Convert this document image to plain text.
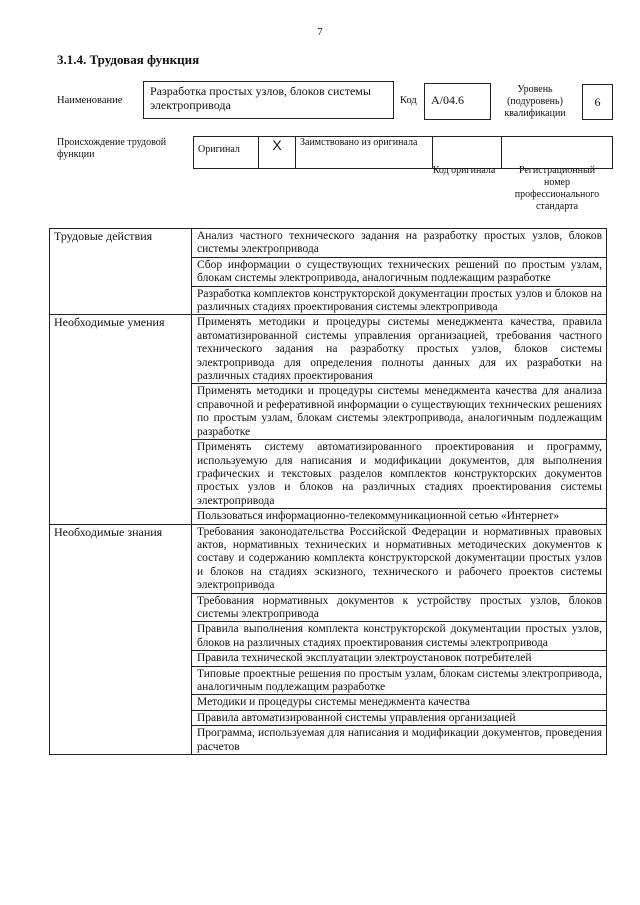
7
3.1.4. Трудовая функция
Наименование
Разработка простых узлов, блоков системы электропривода	Код	A/04.6
Уровень (подуровень) квалификации
6
Происхождение трудовой функции	Оригинал	X	Заимствовано из оригинала		
Код оригинала	Регистрационный номер профессионального стандарта
Трудовые действия	Анализ частного технического задания на разработку простых узлов, блоков системы электропривода
	Сбор информации о существующих технических решений по простым узлам, блокам системы электропривода, аналогичным подлежащим разработке
	Разработка комплектов конструкторской документации простых узлов и блоков на различных стадиях проектирования системы электропривода
Необходимые умения	Применять методики и процедуры системы менеджмента качества, правила автоматизированной системы управления организацией, требования частного технического задания на разработку простых узлов, блоков системы электропривода для определения полноты данных для их разработки на различных стадиях проектирования
	Применять методики и процедуры системы менеджмента качества для анализа справочной и реферативной информации о существующих технических решениях по простым узлам, блокам системы электропривода, аналогичным подлежащим разработке
	Применять систему автоматизированного проектирования и программу, используемую для написания и модификации документов, для выполнения графических и текстовых разделов комплектов конструкторских документов простых узлов и блоков на различных стадиях проектирования системы электропривода
	Пользоваться информационно-телекоммуникационной сетью «Интернет»
Необходимые знания	Требования законодательства Российской Федерации и нормативных правовых актов, нормативных технических и нормативных методических документов к составу и содержанию комплекта конструкторской документации простых узлов и блоков на стадиях эскизного, технического и рабочего проектов системы электропривода
	Требования нормативных документов к устройству простых узлов, блоков системы электропривода
	Правила выполнения комплекта конструкторской документации простых узлов, блоков на различных стадиях проектирования системы электропривода
	Правила технической эксплуатации электроустановок потребителей
	Типовые проектные решения по простым узлам, блокам системы электропривода, аналогичным подлежащим разработке
	Методики и процедуры системы менеджмента качества
	Правила автоматизированной системы управления организацией
	Программа, используемая для написания и модификации документов, проведения расчетов
